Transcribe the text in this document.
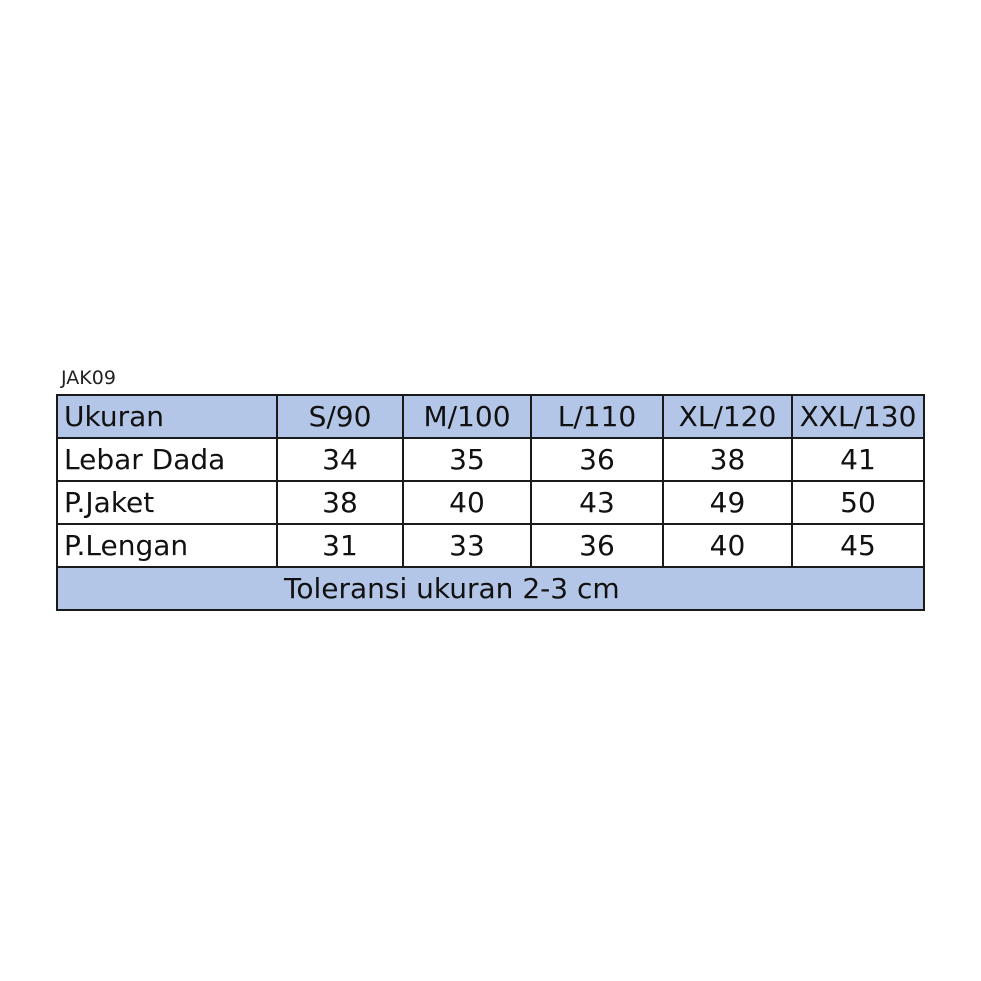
JAK09
Ukuran	S/90	M/100	L/110	XL/120	XXL/130
Lebar Dada	34	35	36	38	41
P.Jaket	38	40	43	49	50
P.Lengan	31	33	36	40	45
Toleransi ukuran 2-3 cm					
